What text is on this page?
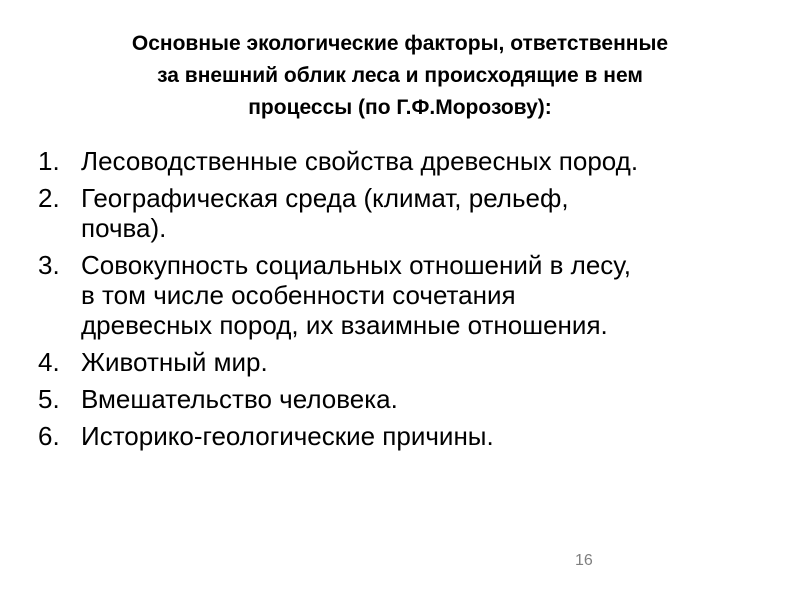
Основные экологические факторы, ответственные
за внешний облик леса и происходящие в нем
процессы (по Г.Ф.Морозову):
1. Лесоводственные свойства древесных пород.
2. Географическая среда (климат, рельеф,
почва).
3. Совокупность социальных отношений в лесу,
в том числе особенности сочетания
древесных пород, их взаимные отношения.
4. Животный мир.
5. Вмешательство человека.
6. Историко-геологические причины.
16
